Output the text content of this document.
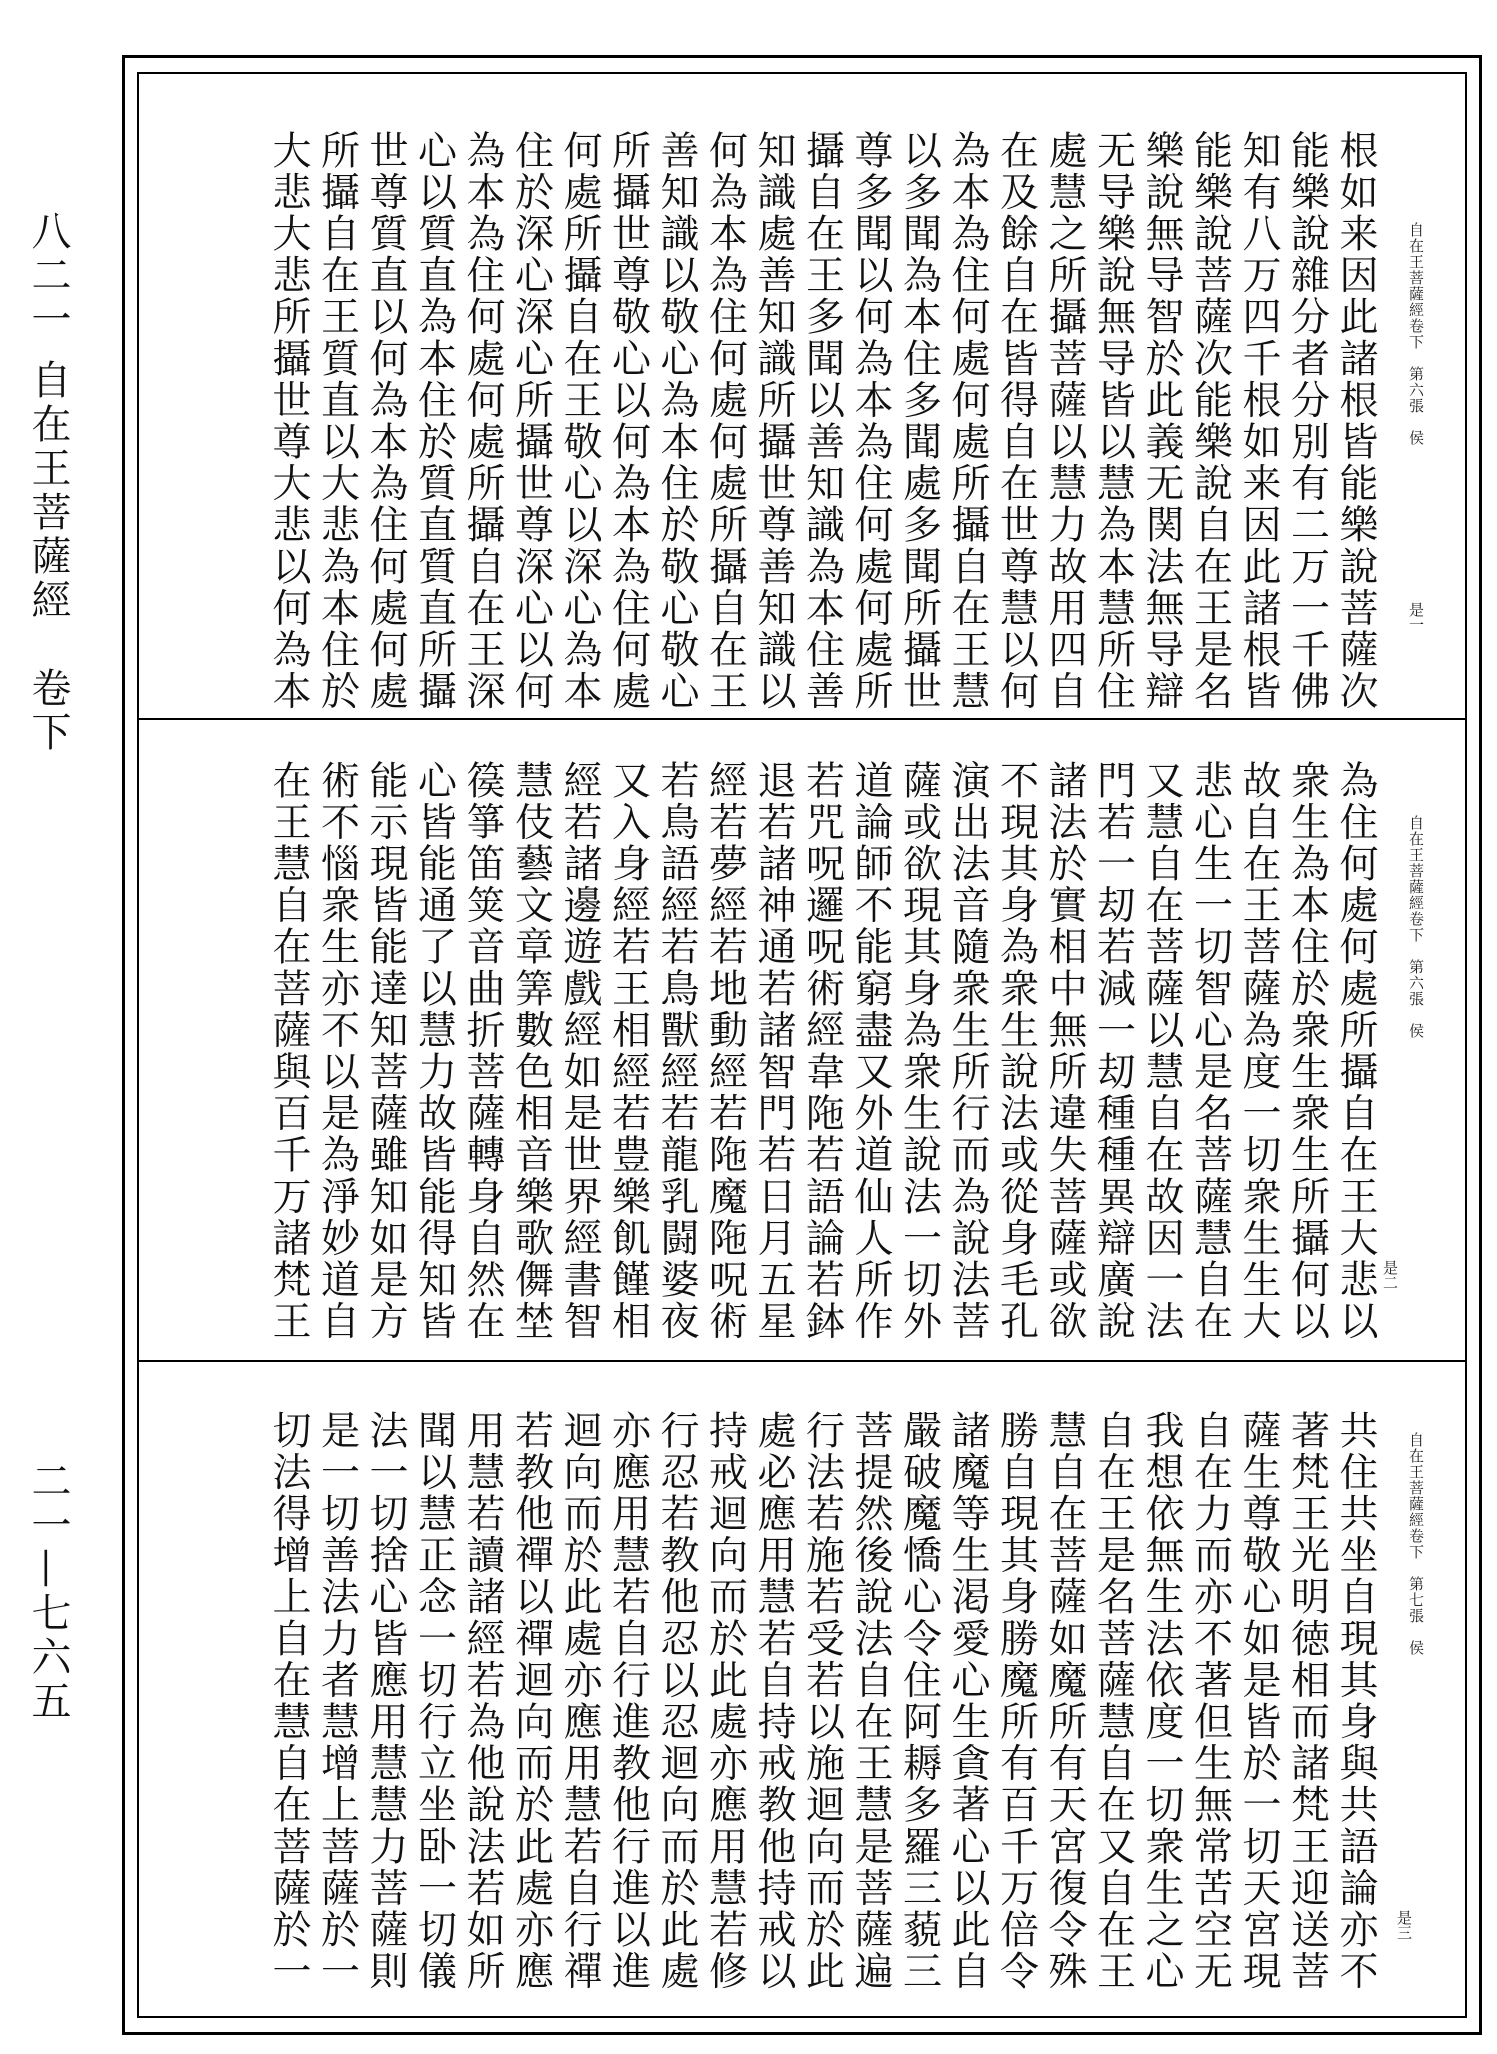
八二一 自在王菩薩經　卷下
二一—七六五
根如来因此諸根皆能樂說菩薩次
能樂說雜分者分別有二万一千佛
知有八万四千根如来因此諸根皆
能樂說菩薩次能樂說自在王是名
樂說無导智於此義无関法無导辯
无导樂說無导皆以慧為本慧所住
處慧之所攝菩薩以慧力故用四自
在及餘自在皆得自在世尊慧以何
為本為住何處何處所攝自在王慧
以多聞為本住多聞處多聞所攝世
尊多聞以何為本為住何處何處所
攝自在王多聞以善知識為本住善
知識處善知識所攝世尊善知識以
何為本為住何處何處所攝自在王
善知識以敬心為本住於敬心敬心
所攝世尊敬心以何為本為住何處
何處所攝自在王敬心以深心為本
住於深心深心所攝世尊深心以何
為本為住何處何處所攝自在王深
心以質直為本住於質直質直所攝
世尊質直以何為本為住何處何處
所攝自在王質直以大悲為本住於
大悲大悲所攝世尊大悲以何為本	自在王菩薩經卷下　第六張　侯
是一
為住何處何處所攝自在王大悲以
衆生為本住於衆生衆生所攝何以
故自在王菩薩為度一切衆生生大
悲心生一切智心是名菩薩慧自在
又慧自在菩薩以慧自在故因一法
門若一刧若減一刧種種異辯廣說
諸法於實相中無所違失菩薩或欲
不現其身為衆生說法或從身毛孔
演出法音隨衆生所行而為說法菩
薩或欲現其身為衆生說法一切外
道論師不能窮盡又外道仙人所作
若咒呪邏呪術經韋陁若語論若鉢
退若諸神通若諸智門若日月五星
經若夢經若地動經若陁魔陁呪術
若鳥語經若鳥獸經若龍乳闘婆夜
又入身經若王相經若豊樂飢饉相
經若諸邊遊戲經如是世界經書智
慧伎藝文章筭數色相音樂歌儛埜
篌箏笛䇲音曲折菩薩轉身自然在
心皆能通了以慧力故皆能得知皆
能示現皆能達知菩薩雖知如是方
術不惱衆生亦不以是為淨妙道自
在王慧自在菩薩與百千万諸梵王	自在王菩薩經卷下　第六張　侯
是二
共住共坐自現其身與共語論亦不
著梵王光明徳相而諸梵王迎送菩
薩生尊敬心如是皆於一切天宮現
自在力而亦不著但生無常苦空无
我想依無生法依度一切衆生之心
自在王是名菩薩慧自在又自在王
慧自在菩薩如魔所有天宮復令殊
勝自現其身勝魔所有百千万倍令
諸魔等生渇愛心生貪著心以此自
嚴破魔憍心令住阿耨多羅三藐三
菩提然後說法自在王慧是菩薩遍
行法若施若受若以施迴向而於此
處必應用慧若自持戒教他持戒以
持戒迴向而於此處亦應用慧若修
行忍若教他忍以忍迴向而於此處
亦應用慧若自行進教他行進以進
迴向而於此處亦應用慧若自行禪
若教他禪以禪迴向而於此處亦應
用慧若讀諸經若為他說法若如所
聞以慧正念一切行立坐卧一切儀
法一切捨心皆應用慧慧力菩薩則
是一切善法力者慧增上菩薩於一
切法得增上自在慧自在菩薩於一	自在王菩薩經卷下　第七張　侯
是三
